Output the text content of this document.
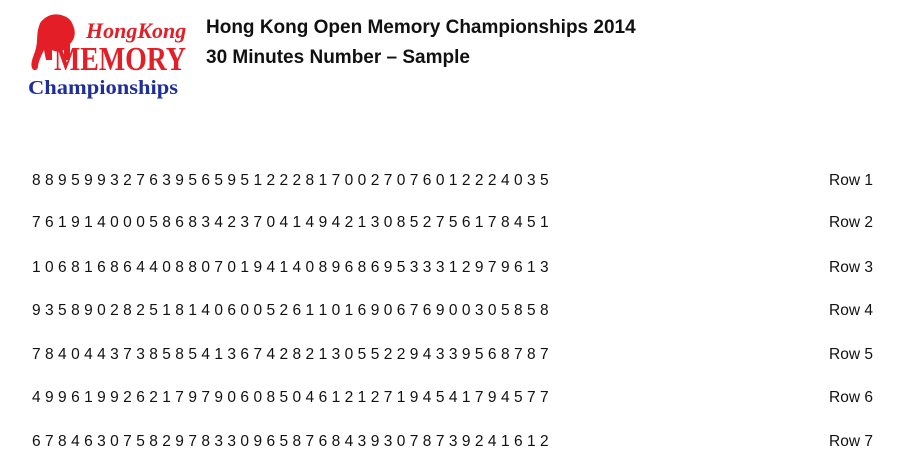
HongKong
MEMORY
Championships
Hong Kong Open Memory Championships 2014
30 Minutes Number – Sample
8 8 9 5 9 9 3 2 7 6 3 9 5 6 5 9 5 1 2 2 2 8 1 7 0 0 2 7 0 7 6 0 1 2 2 2 4 0 3 5	Row 1
7 6 1 9 1 4 0 0 0 5 8 6 8 3 4 2 3 7 0 4 1 4 9 4 2 1 3 0 8 5 2 7 5 6 1 7 8 4 5 1	Row 2
1 0 6 8 1 6 8 6 4 4 0 8 8 0 7 0 1 9 4 1 4 0 8 9 6 8 6 9 5 3 3 3 1 2 9 7 9 6 1 3	Row 3
9 3 5 8 9 0 2 8 2 5 1 8 1 4 0 6 0 0 5 2 6 1 1 0 1 6 9 0 6 7 6 9 0 0 3 0 5 8 5 8	Row 4
7 8 4 0 4 4 3 7 3 8 5 8 5 4 1 3 6 7 4 2 8 2 1 3 0 5 5 2 2 9 4 3 3 9 5 6 8 7 8 7	Row 5
4 9 9 6 1 9 9 2 6 2 1 7 9 7 9 0 6 0 8 5 0 4 6 1 2 1 2 7 1 9 4 5 4 1 7 9 4 5 7 7	Row 6
6 7 8 4 6 3 0 7 5 8 2 9 7 8 3 3 0 9 6 5 8 7 6 8 4 3 9 3 0 7 8 7 3 9 2 4 1 6 1 2	Row 7
